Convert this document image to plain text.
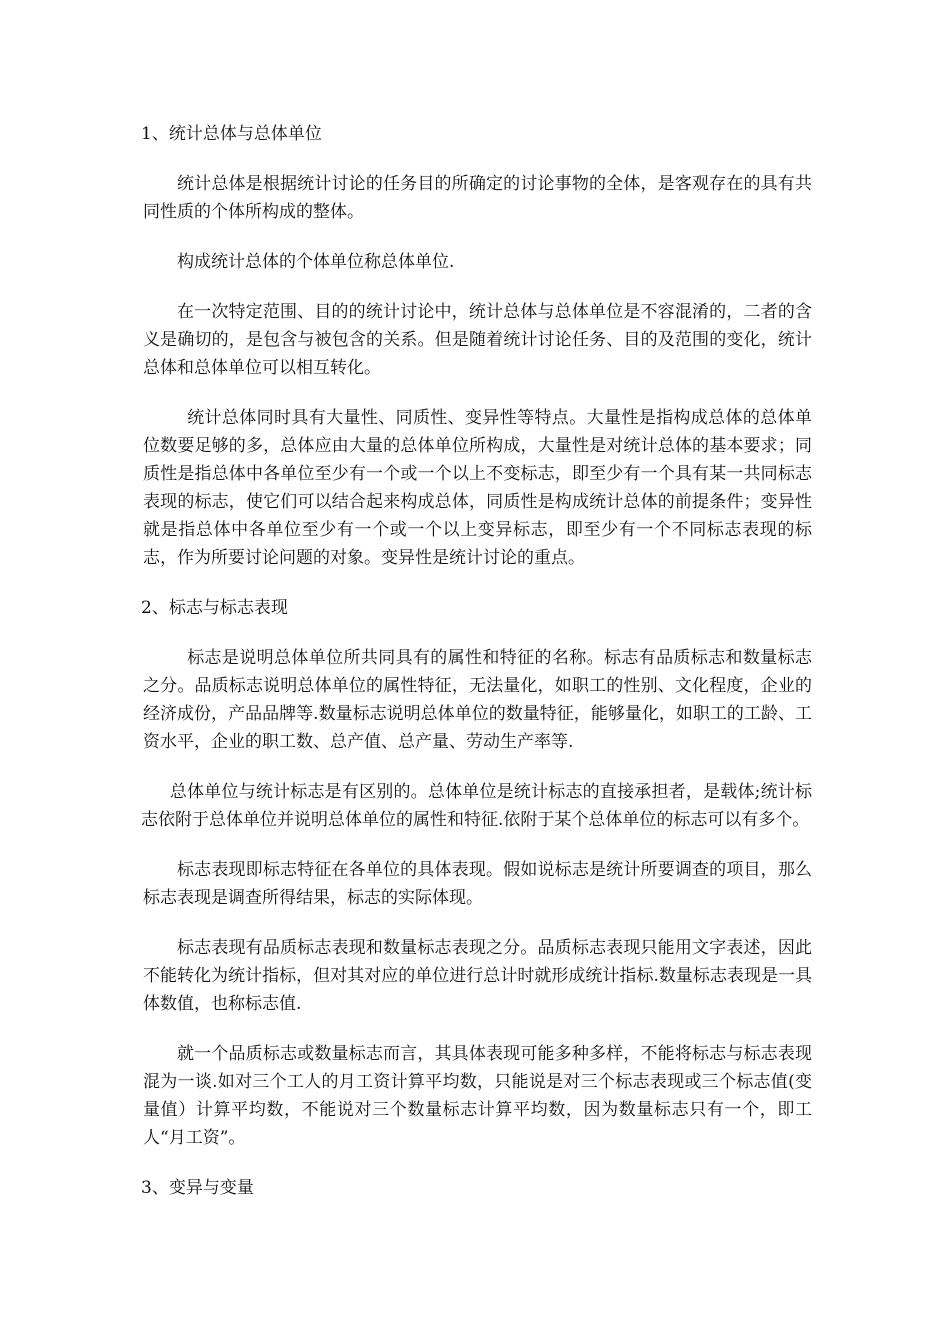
1、统计总体与总体单位

统计总体是根据统计讨论的任务目的所确定的讨论事物的全体，是客观存在的具有共同性质的个体所构成的整体。

构成统计总体的个体单位称总体单位.

在一次特定范围、目的的统计讨论中，统计总体与总体单位是不容混淆的，二者的含义是确切的，是包含与被包含的关系。但是随着统计讨论任务、目的及范围的变化，统计总体和总体单位可以相互转化。

统计总体同时具有大量性、同质性、变异性等特点。大量性是指构成总体的总体单位数要足够的多，总体应由大量的总体单位所构成，大量性是对统计总体的基本要求；同质性是指总体中各单位至少有一个或一个以上不变标志，即至少有一个具有某一共同标志表现的标志，使它们可以结合起来构成总体，同质性是构成统计总体的前提条件；变异性就是指总体中各单位至少有一个或一个以上变异标志，即至少有一个不同标志表现的标志，作为所要讨论问题的对象。变异性是统计讨论的重点。

2、标志与标志表现

标志是说明总体单位所共同具有的属性和特征的名称。标志有品质标志和数量标志之分。品质标志说明总体单位的属性特征，无法量化，如职工的性别、文化程度，企业的经济成份，产品品牌等.数量标志说明总体单位的数量特征，能够量化，如职工的工龄、工资水平，企业的职工数、总产值、总产量、劳动生产率等.

总体单位与统计标志是有区别的。总体单位是统计标志的直接承担者，是载体;统计标志依附于总体单位并说明总体单位的属性和特征.依附于某个总体单位的标志可以有多个。

标志表现即标志特征在各单位的具体表现。假如说标志是统计所要调查的项目，那么标志表现是调查所得结果，标志的实际体现。

标志表现有品质标志表现和数量标志表现之分。品质标志表现只能用文字表述，因此不能转化为统计指标，但对其对应的单位进行总计时就形成统计指标.数量标志表现是一具体数值，也称标志值.

就一个品质标志或数量标志而言，其具体表现可能多种多样，不能将标志与标志表现混为一谈.如对三个工人的月工资计算平均数，只能说是对三个标志表现或三个标志值(变量值）计算平均数，不能说对三个数量标志计算平均数，因为数量标志只有一个，即工人“月工资”。

3、变异与变量
